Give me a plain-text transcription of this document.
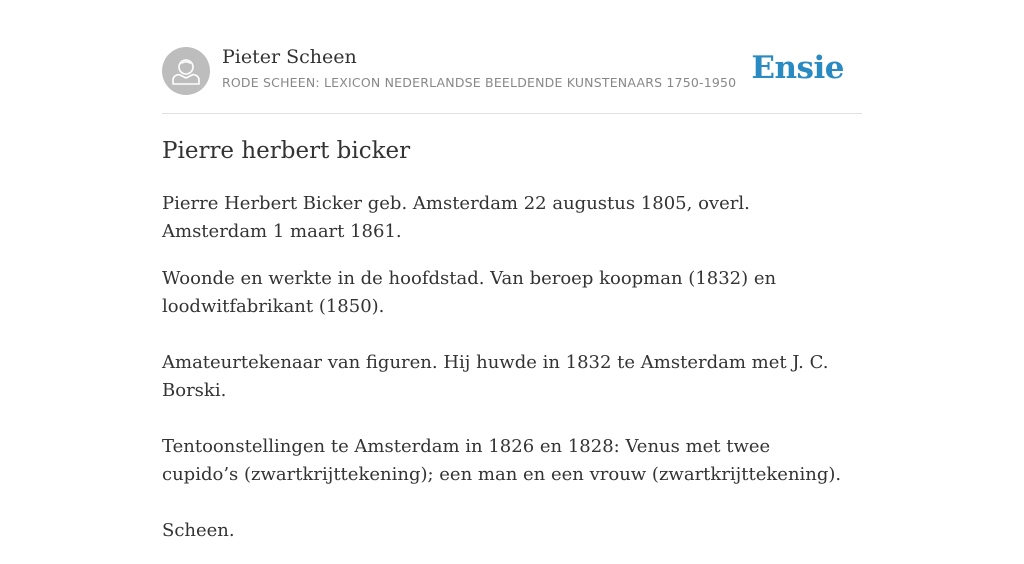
Pieter Scheen
RODE SCHEEN: LEXICON NEDERLANDSE BEELDENDE KUNSTENAARS 1750-1950 Ensie
Pierre herbert bicker

Pierre Herbert Bicker geb. Amsterdam 22 augustus 1805, overl. Amsterdam 1 maart 1861.

Woonde en werkte in de hoofdstad. Van beroep koopman (1832) en loodwitfabrikant (1850).

Amateurtekenaar van figuren. Hij huwde in 1832 te Amsterdam met J. C. Borski.

Tentoonstellingen te Amsterdam in 1826 en 1828: Venus met twee cupido’s (zwartkrijttekening); een man en een vrouw (zwartkrijttekening).

Scheen.
